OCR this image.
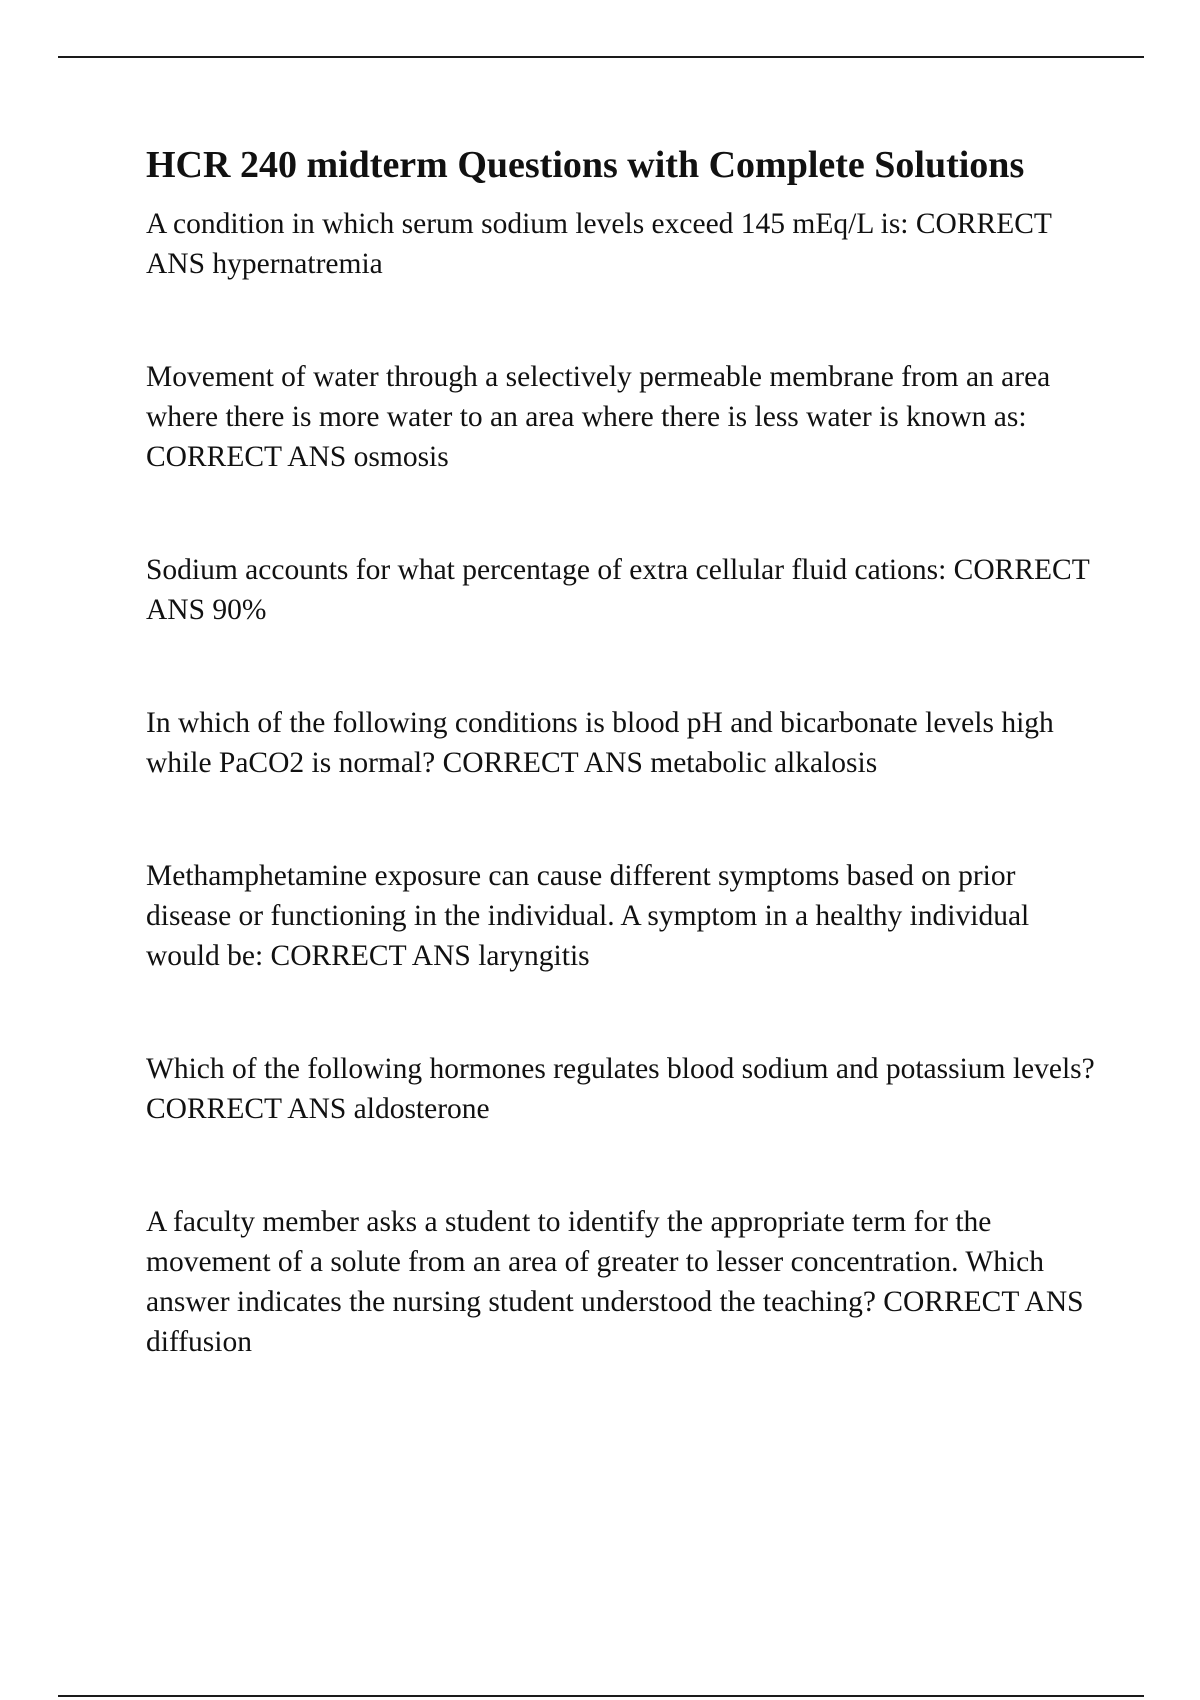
HCR 240 midterm Questions with Complete Solutions

A condition in which serum sodium levels exceed 145 mEq/L is: CORRECT ANS hypernatremia

Movement of water through a selectively permeable membrane from an area where there is more water to an area where there is less water is known as: CORRECT ANS osmosis

Sodium accounts for what percentage of extra cellular fluid cations: CORRECT ANS 90%

In which of the following conditions is blood pH and bicarbonate levels high while PaCO2 is normal? CORRECT ANS metabolic alkalosis

Methamphetamine exposure can cause different symptoms based on prior disease or functioning in the individual. A symptom in a healthy individual would be: CORRECT ANS laryngitis

Which of the following hormones regulates blood sodium and potassium levels? CORRECT ANS aldosterone

A faculty member asks a student to identify the appropriate term for the movement of a solute from an area of greater to lesser concentration. Which answer indicates the nursing student understood the teaching? CORRECT ANS diffusion
